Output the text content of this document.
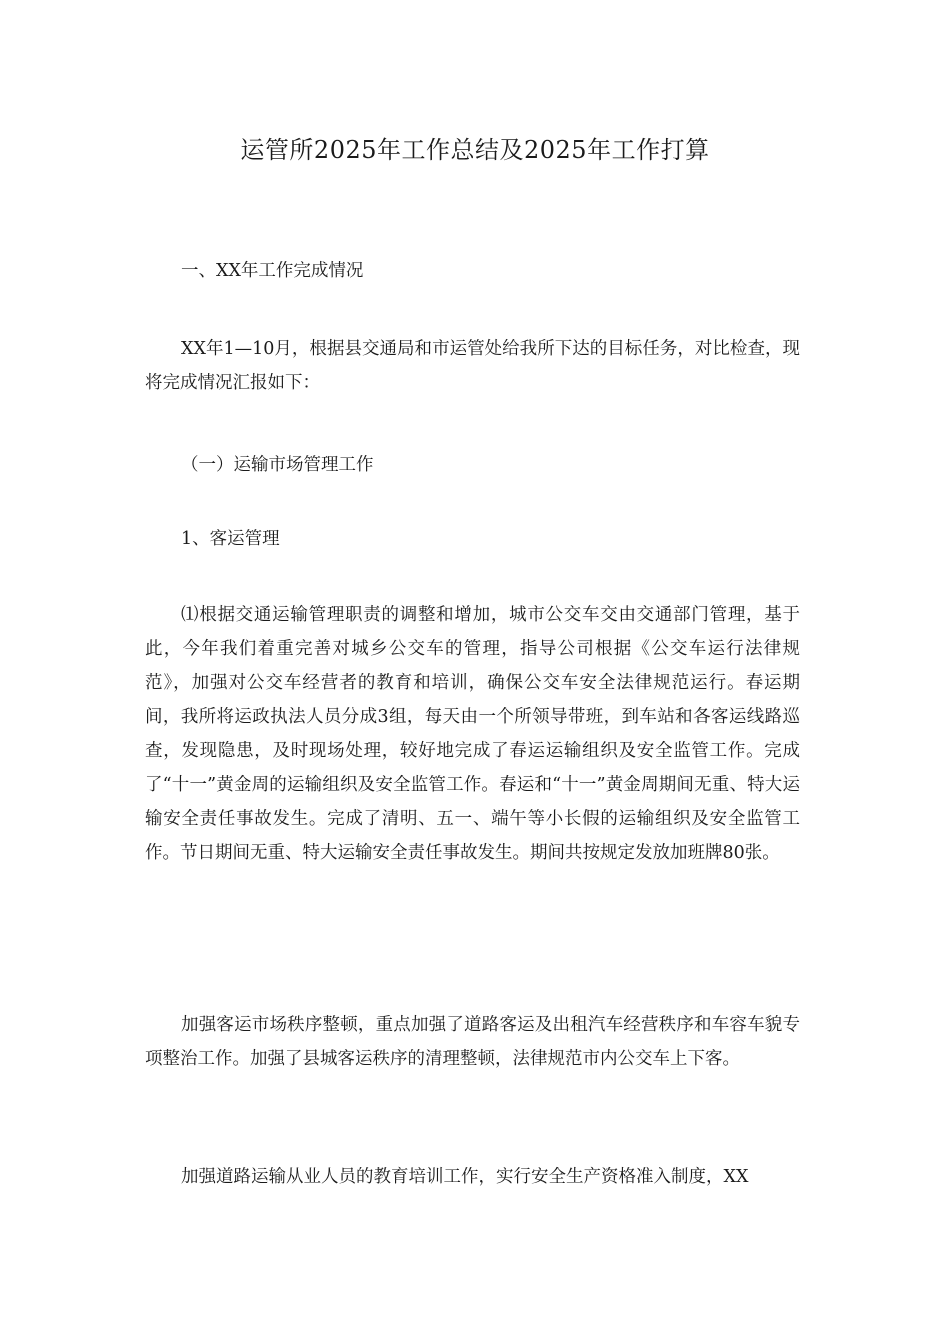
运管所2025年工作总结及2025年工作打算

一、XX年工作完成情况

XX年1—10月，根据县交通局和市运管处给我所下达的目标任务，对比检查，现将完成情况汇报如下：

（一）运输市场管理工作

1、客运管理

⑴根据交通运输管理职责的调整和增加，城市公交车交由交通部门管理，基于此，今年我们着重完善对城乡公交车的管理，指导公司根据《公交车运行法律规范》，加强对公交车经营者的教育和培训，确保公交车安全法律规范运行。春运期间，我所将运政执法人员分成3组，每天由一个所领导带班，到车站和各客运线路巡查，发现隐患，及时现场处理，较好地完成了春运运输组织及安全监管工作。完成了“十一”黄金周的运输组织及安全监管工作。春运和“十一”黄金周期间无重、特大运输安全责任事故发生。完成了清明、五一、端午等小长假的运输组织及安全监管工作。节日期间无重、特大运输安全责任事故发生。期间共按规定发放加班牌80张。

加强客运市场秩序整顿，重点加强了道路客运及出租汽车经营秩序和车容车貌专项整治工作。加强了县城客运秩序的清理整顿，法律规范市内公交车上下客。

加强道路运输从业人员的教育培训工作，实行安全生产资格准入制度，XX
